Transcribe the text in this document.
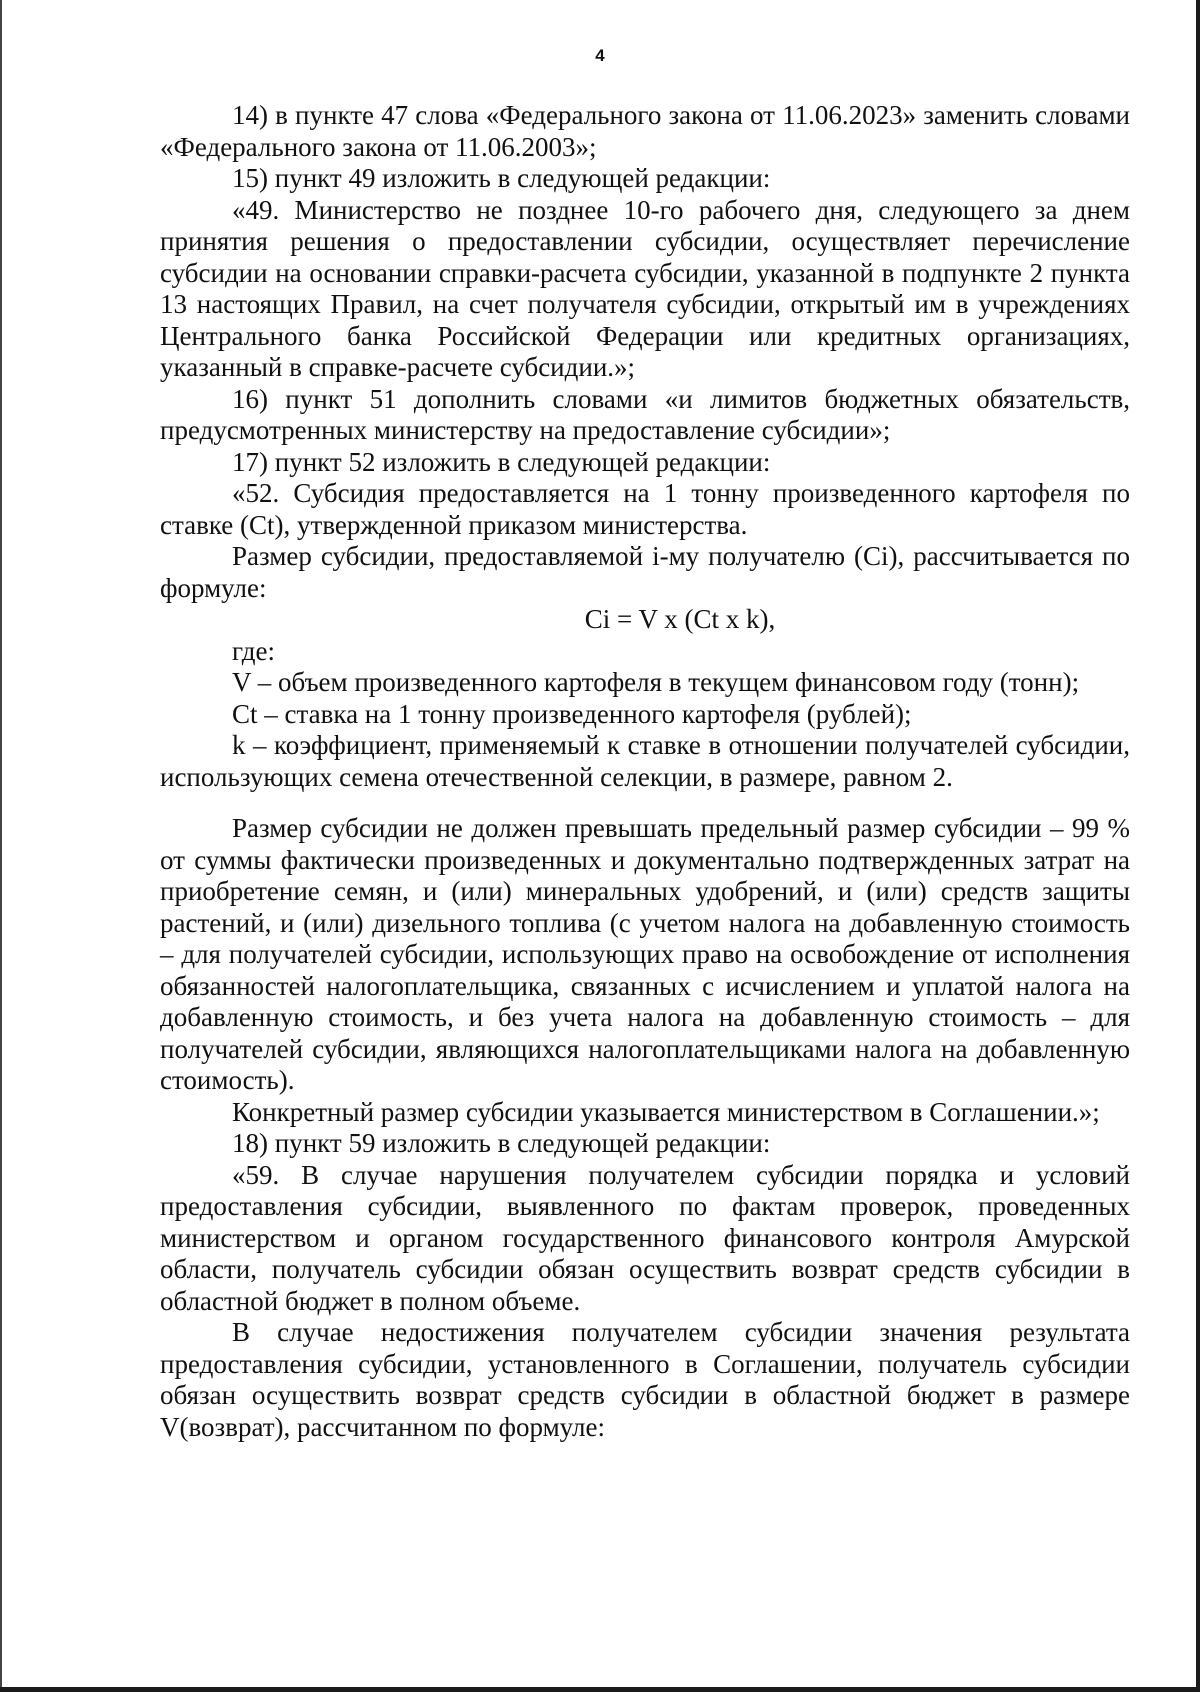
4

14) в пункте 47 слова «Федерального закона от 11.06.2023» заменить словами «Федерального закона от 11.06.2003»;

15) пункт 49 изложить в следующей редакции:

«49. Министерство не позднее 10-го рабочего дня, следующего за днем принятия решения о предоставлении субсидии, осуществляет перечисление субсидии на основании справки-расчета субсидии, указанной в подпункте 2 пункта 13 настоящих Правил, на счет получателя субсидии, открытый им в учреждениях Центрального банка Российской Федерации или кредитных организациях, указанный в справке-расчете субсидии.»;

16) пункт 51 дополнить словами «и лимитов бюджетных обязательств, предусмотренных министерству на предоставление субсидии»;

17) пункт 52 изложить в следующей редакции:

«52. Субсидия предоставляется на 1 тонну произведенного картофеля по ставке (Ct), утвержденной приказом министерства.

Размер субсидии, предоставляемой i-му получателю (Ci), рассчитывается по формуле:

Ci = V x (Ct x k),

где:

V – объем произведенного картофеля в текущем финансовом году (тонн);

Ct – ставка на 1 тонну произведенного картофеля (рублей);

k – коэффициент, применяемый к ставке в отношении получателей субсидии, использующих семена отечественной селекции, в размере, равном 2.

Размер субсидии не должен превышать предельный размер субсидии – 99 % от суммы фактически произведенных и документально подтвержденных затрат на приобретение семян, и (или) минеральных удобрений, и (или) средств защиты растений, и (или) дизельного топлива (с учетом налога на добавленную стоимость – для получателей субсидии, использующих право на освобождение от исполнения обязанностей налогоплательщика, связанных с исчислением и уплатой налога на добавленную стоимость, и без учета налога на добавленную стоимость – для получателей субсидии, являющихся налогоплательщиками налога на добавленную стоимость).

Конкретный размер субсидии указывается министерством в Соглашении.»;

18) пункт 59 изложить в следующей редакции:

«59. В случае нарушения получателем субсидии порядка и условий предоставления субсидии, выявленного по фактам проверок, проведенных министерством и органом государственного финансового контроля Амурской области, получатель субсидии обязан осуществить возврат средств субсидии в областной бюджет в полном объеме.

В случае недостижения получателем субсидии значения результата предоставления субсидии, установленного в Соглашении, получатель субсидии обязан осуществить возврат средств субсидии в областной бюджет в размере V(возврат), рассчитанном по формуле:
